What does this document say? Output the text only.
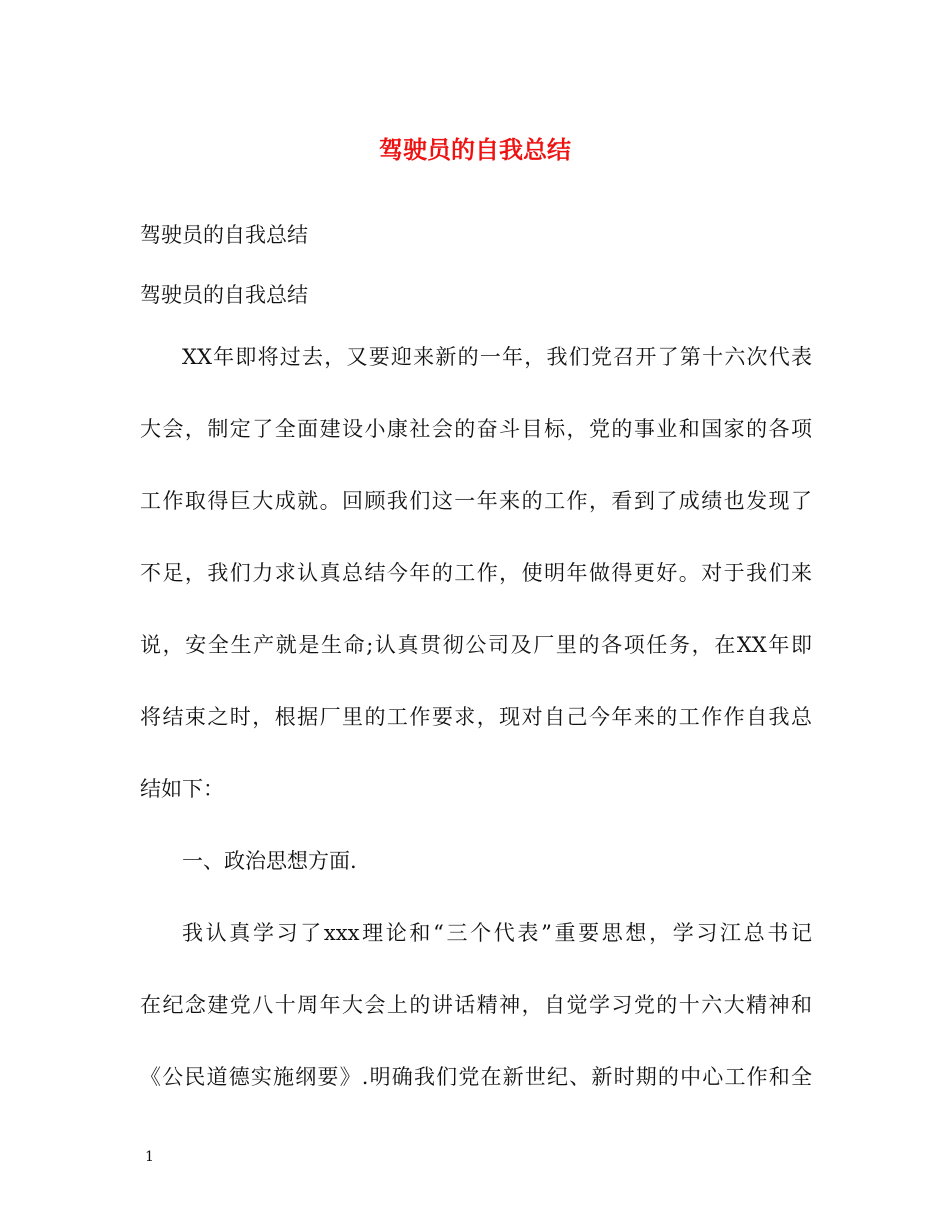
驾驶员的自我总结
驾驶员的自我总结
驾驶员的自我总结
XX年即将过去，又要迎来新的一年，我们党召开了第十六次代表
大会，制定了全面建设小康社会的奋斗目标，党的事业和国家的各项
工作取得巨大成就。回顾我们这一年来的工作，看到了成绩也发现了
不足，我们力求认真总结今年的工作，使明年做得更好。对于我们来
说，安全生产就是生命;认真贯彻公司及厂里的各项任务，在XX年即
将结束之时，根据厂里的工作要求，现对自己今年来的工作作自我总
结如下：
一、政治思想方面.
我认真学习了xxx理论和“三个代表”重要思想，学习江总书记
在纪念建党八十周年大会上的讲话精神，自觉学习党的十六大精神和
《公民道德实施纲要》.明确我们党在新世纪、新时期的中心工作和全
1
